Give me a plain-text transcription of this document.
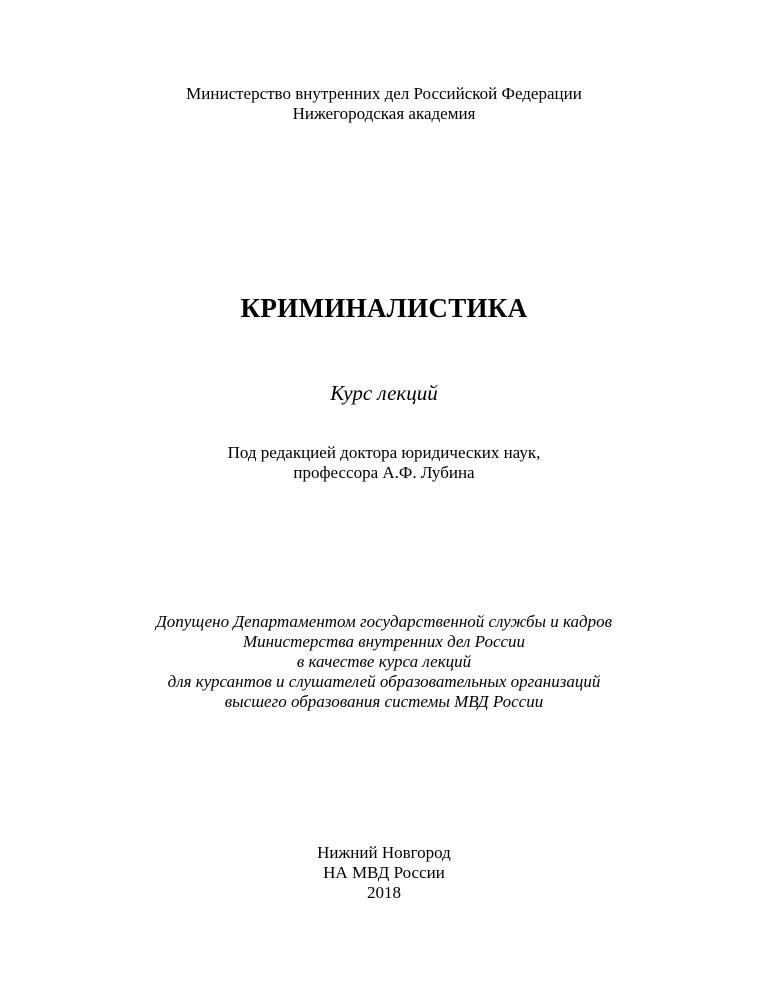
Министерство внутренних дел Российской Федерации
Нижегородская академия
КРИМИНАЛИСТИКА
Курс лекций
Под редакцией доктора юридических наук,
профессора А.Ф. Лубина
Допущено Департаментом государственной службы и кадров
Министерства внутренних дел России
в качестве курса лекций
для курсантов и слушателей образовательных организаций
высшего образования системы МВД России
Нижний Новгород
НА МВД России
2018
